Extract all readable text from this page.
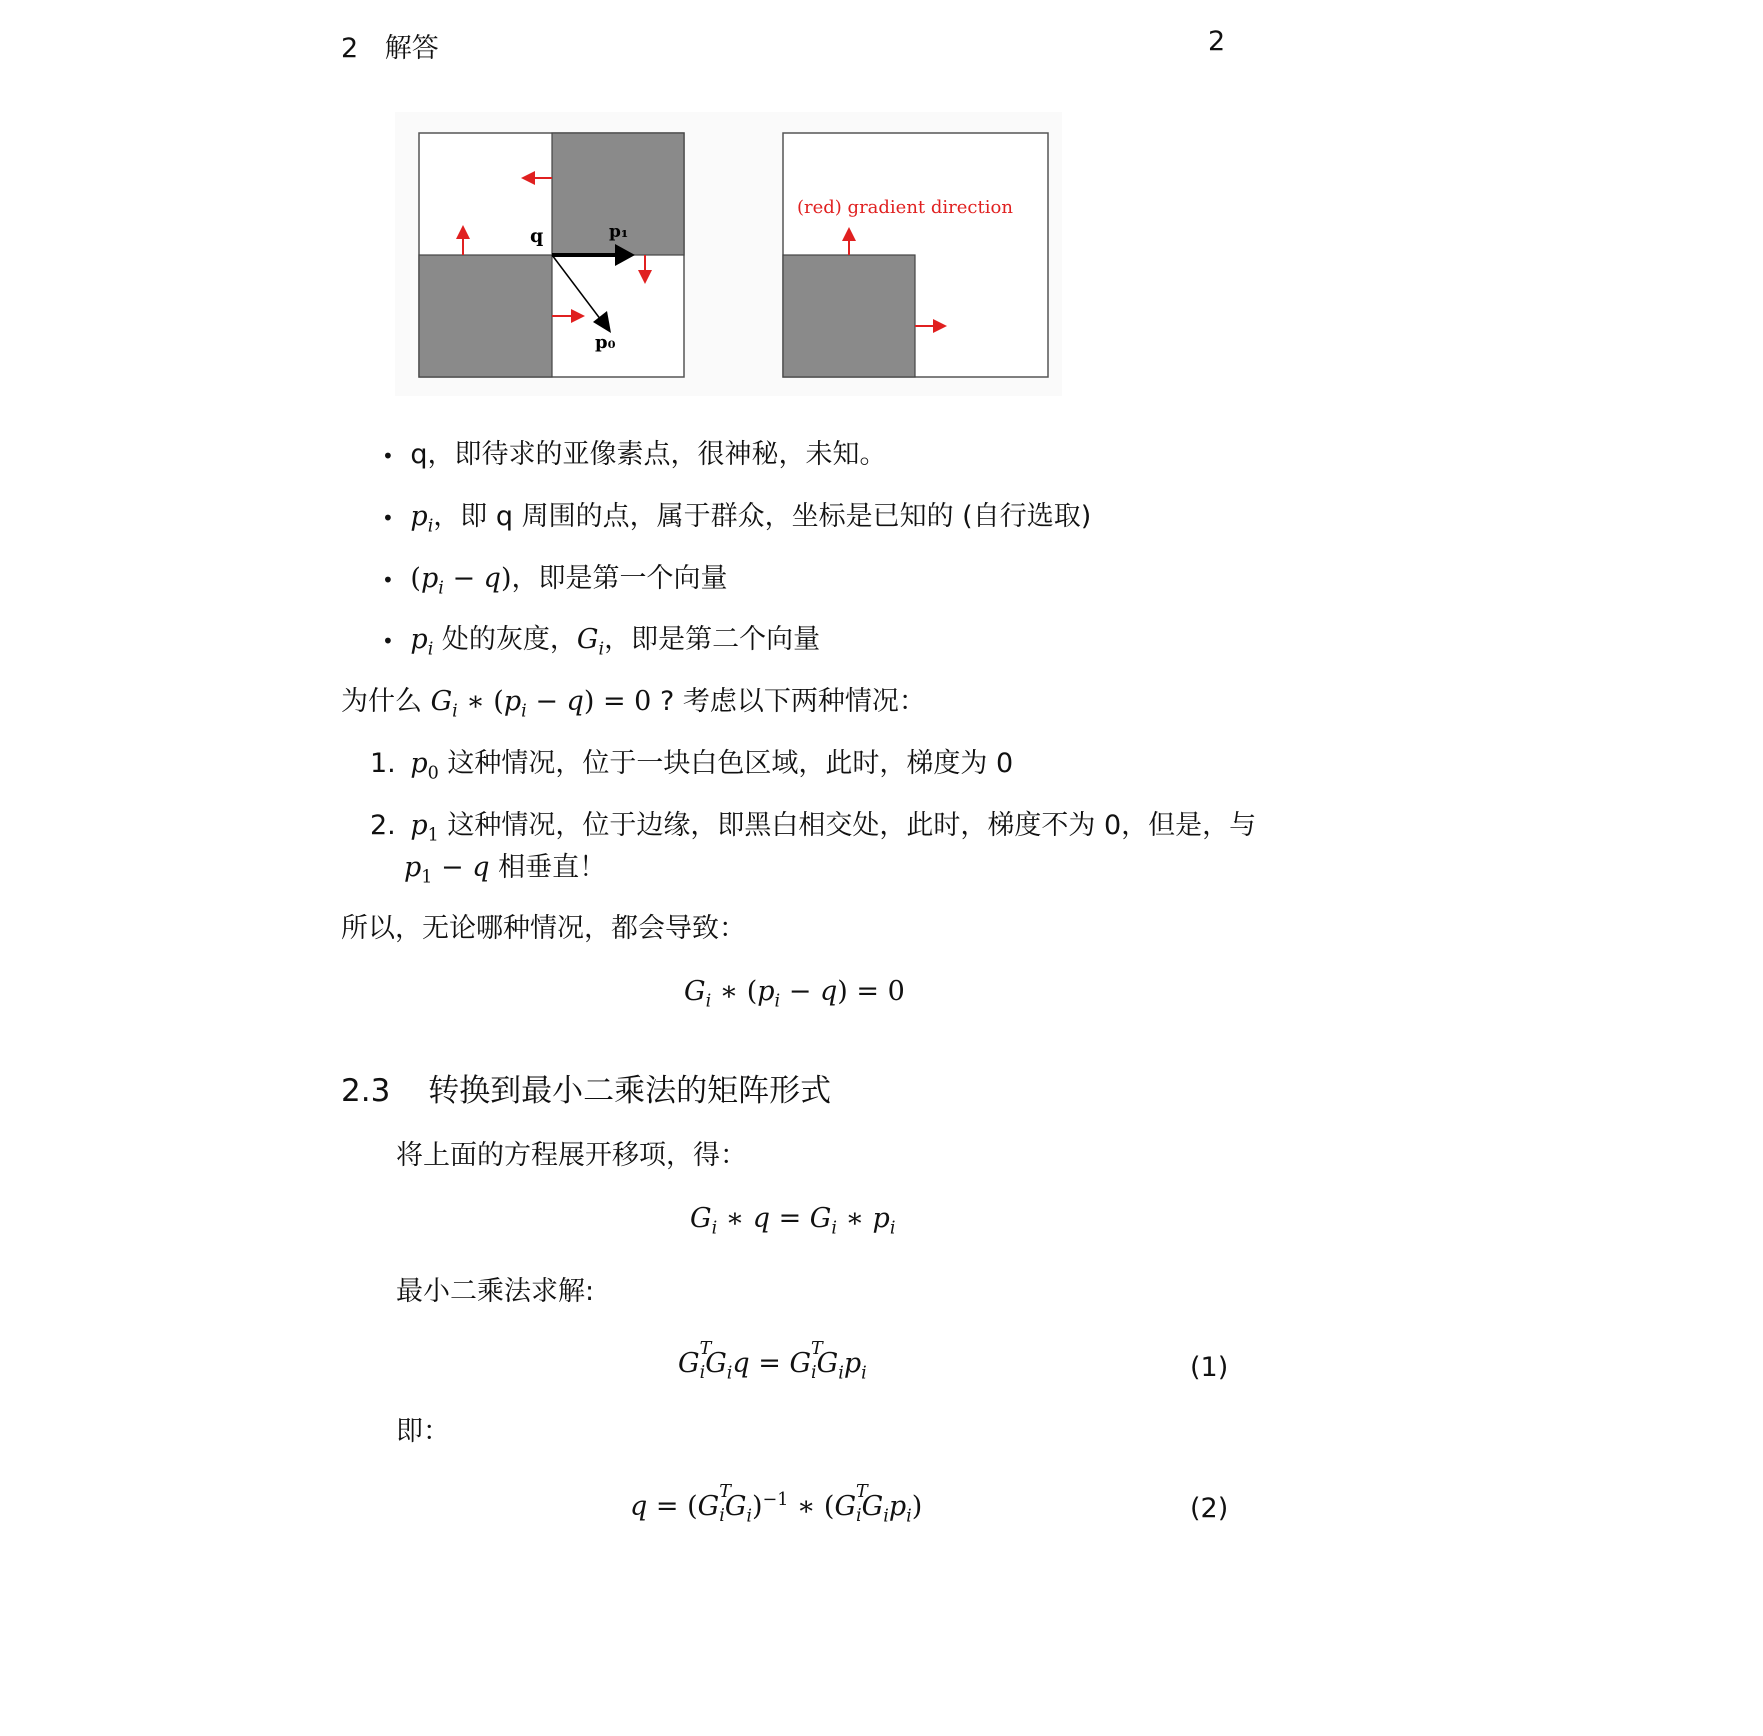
2 解答	2
q	p₁
p₀
(red) gradient direction
• q，即待求的亚像素点，很神秘，未知。
• $p_i$，即 q 周围的点，属于群众，坐标是已知的 (自行选取)
• $(p_i - q)$，即是第一个向量
• $p_i$ 处的灰度，$G_i$，即是第二个向量
为什么 $G_i$ ∗ $(p_i - q) = 0$ ? 考虑以下两种情况：
1. $p_0$ 这种情况，位于一块白色区域，此时，梯度为 0
2. $p_1$ 这种情况，位于边缘，即黑白相交处，此时，梯度不为 0，但是，与
$p_1 - q$ 相垂直！
所以，无论哪种情况，都会导致：
$G_i$ ∗ $(p_i - q) = 0$
2.3 转换到最小二乘法的矩阵形式
将上面的方程展开移项，得：
$G_i$ ∗ $q = G_i$ ∗ $p_i$
最小二乘法求解:
G $_{T i}G_iq = G$ $_{T i}G_ip_i$	(1)
即：
q = (G $_{T i}G_i)^{-1}$ ∗ (G $_{T i}G_ip_i$)	(2)
